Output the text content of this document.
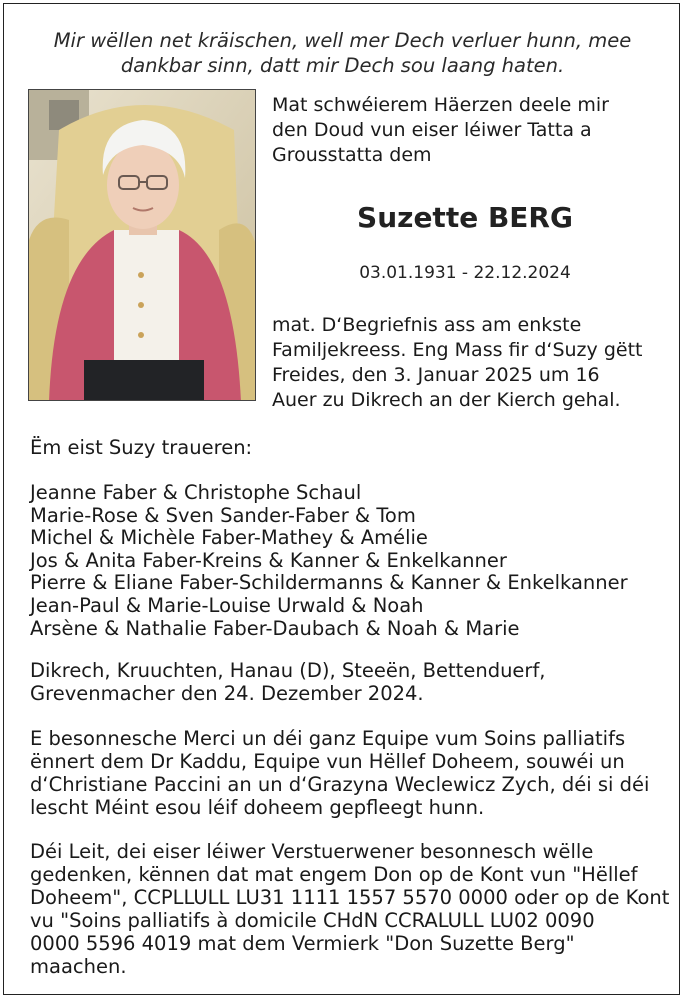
Mir wëllen net kräischen, well mer Dech verluer hunn, mee
dankbar sinn, datt mir Dech sou laang haten.
Mat schwéierem Häerzen deele mir
den Doud vun eiser léiwer Tatta a
Grousstatta dem
Suzette BERG
03.01.1931 - 22.12.2024
mat. D‘Begriefnis ass am enkste
Familjekreess. Eng Mass fir d‘Suzy gëtt
Freides, den 3. Januar 2025 um 16
Auer zu Dikrech an der Kierch gehal.
Ëm eist Suzy traueren:
Jeanne Faber & Christophe Schaul
Marie-Rose & Sven Sander-Faber & Tom
Michel & Michèle Faber-Mathey & Amélie
Jos & Anita Faber-Kreins & Kanner & Enkelkanner
Pierre & Eliane Faber-Schildermanns & Kanner & Enkelkanner
Jean-Paul & Marie-Louise Urwald & Noah
Arsène & Nathalie Faber-Daubach & Noah & Marie
Dikrech, Kruuchten, Hanau (D), Steeën, Bettenduerf,
Grevenmacher den 24. Dezember 2024.
E besonnesche Merci un déi ganz Equipe vum Soins palliatifs
ënnert dem Dr Kaddu, Equipe vun Hëllef Doheem, souwéi un
d‘Christiane Paccini an un d‘Grazyna Weclewicz Zych, déi si déi
lescht Méint esou léif doheem gepfleegt hunn.
Déi Leit, dei eiser léiwer Verstuerwener besonnesch wëlle
gedenken, kënnen dat mat engem Don op de Kont vun "Hëllef
Doheem", CCPLLULL LU31 1111 1557 5570 0000 oder op de Kont
vu "Soins palliatifs à domicile CHdN CCRALULL LU02 0090
0000 5596 4019 mat dem Vermierk "Don Suzette Berg"
maachen.
